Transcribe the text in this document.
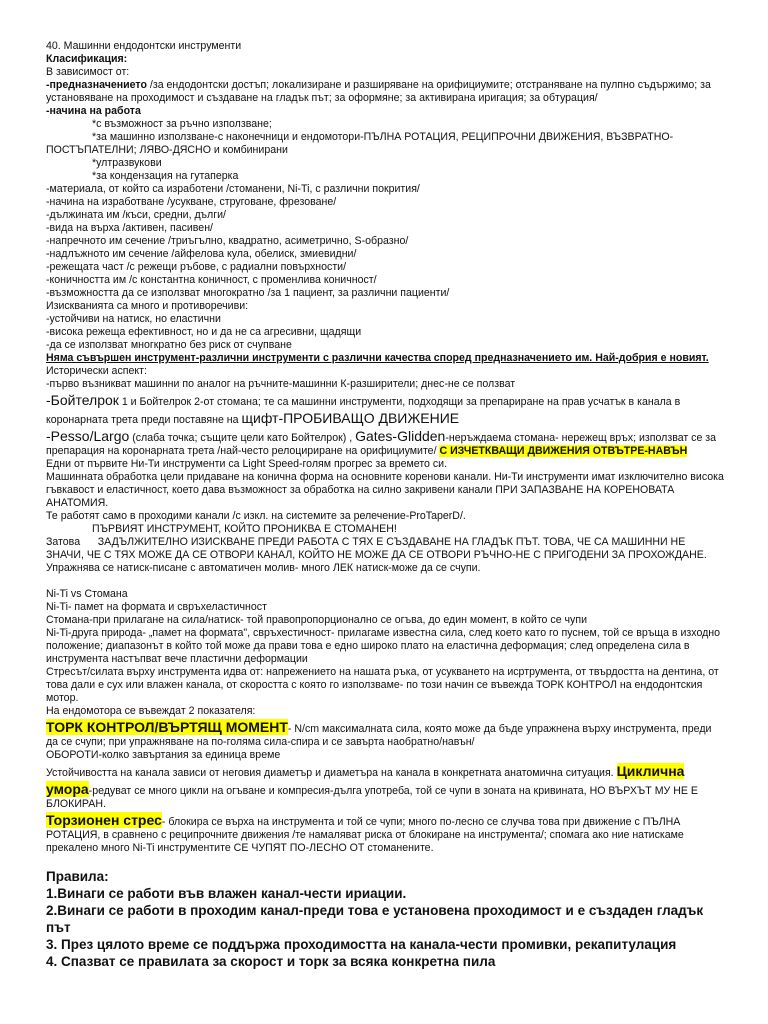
40. Машинни ендодонтски инструменти
Класификация:
В зависимост от:
-предназначението /за ендодонтски достъп; локализиране и разширяване на орифициумите; отстраняване на пулпно съдържимо; за установяване на проходимост и създаване на гладък път; за оформяне; за активирана иригация; за обтурация/
-начина на работа
*с възможност за ръчно използване;
*за машинно използване-с наконечници и ендомотори-ПЪЛНА РОТАЦИЯ, РЕЦИПРОЧНИ ДВИЖЕНИЯ, ВЪЗВРАТНО-ПОСТЪПАТЕЛНИ; ЛЯВО-ДЯСНО и комбинирани
*ултразвукови
*за кондензация на гутаперка
-материала, от който са изработени /стоманени, Ni-Ti, с различни покрития/
-начина на изработване /усукване, струговане, фрезоване/
-дължината им /къси, средни, дълги/
-вида на върха /активен, пасивен/
-напречното им сечение /триъгълно, квадратно, асиметрично, S-образно/
-надлъжното им сечение /айфелова кула, обелиск, змиевидни/
-режещата част /с режещи ръбове, с радиални повърхности/
-коничността им /с константна коничност, с променлива коничност/
-възможността да се използват многократно /за 1 пациент, за различни пациенти/
Изискванията са много и противоречиви:
-устойчиви на натиск, но еластични
-висока режеща ефективност, но и да не са агресивни, щадящи
-да се използват многкратно без риск от счупване
Няма съвършен инструмент-различни инструменти с различни качества според предназначението им. Най-добрия е новият.
Исторически аспект:
-първо възникват машинни по аналог на ръчните-машинни К-разширители; днес-не се ползват
-Бойтелрок 1 и Бойтелрок 2-от стомана; те са машинни инструменти, подходящи за препариране на прав усчатък в канала в коронарната трета преди поставяне на щифт-ПРОБИВАЩО ДВИЖЕНИЕ
-Pesso/Largo (слаба точка; същите цели като Бойтелрок) , Gates-Glidden-неръждаема стомана- нережещ връх; използват се за препарация на коронарната трета /най-често релоцириране на орифициумите/ С ИЗЧЕТКВАЩИ ДВИЖЕНИЯ ОТВЪТРЕ-НАВЪН
Едни от първите Ни-Ти инструменти са Light Speed-голям прогрес за времето си.
Машинната обработка цели придаване на конична форма на основните коренови канали. Ни-Ти инструменти имат изключително висока гъвкавост и еластичност, което дава възможност за обработка на силно закривени канали ПРИ ЗАПАЗВАНЕ НА КОРЕНОВАТА АНАТОМИЯ.
Те работят само в проходими канали /с изкл. на системите за релечение-ProTaperD/.
ПЪРВИЯТ ИНСТРУМЕНТ, КОЙТО ПРОНИКВА Е СТОМАНЕН!
Затова ЗАДЪЛЖИТЕЛНО ИЗИСКВАНЕ ПРЕДИ РАБОТА С ТЯХ Е СЪЗДАВАНЕ НА ГЛАДЪК ПЪТ. ТОВА, ЧЕ СА МАШИННИ НЕ ЗНАЧИ, ЧЕ С ТЯХ МОЖЕ ДА СЕ ОТВОРИ КАНАЛ, КОЙТО НЕ МОЖЕ ДА СЕ ОТВОРИ РЪЧНО-НЕ С ПРИГОДЕНИ ЗА ПРОХОЖДАНЕ.
Упражнява се натиск-писане с автоматичен молив- много ЛЕК натиск-може да се счупи.
Ni-Ti vs Стомана
Ni-Ti- памет на формата и свръхеластичност
Стомана-при прилагане на сила/натиск- той правопропорционално се огъва, до един момент, в който се чупи
Ni-Ti-друга природа- „памет на формата", свръхестичност- прилагаме известна сила, след което като го пуснем, той се връща в изходно положение; диапазонът в който той може да прави това е едно широко плато на еластична деформация; след определена сила в инструмента настъпват вече пластични деформации
Стресът/силата върху инструмента идва от: напрежението на нашата ръка, от усукването на исртрумента, от твърдостта на дентина, от това дали е сух или влажен канала, от скоростта с която го използваме- по този начин се въвежда ТОРК КОНТРОЛ на ендодонтския мотор.
На ендомотора се въвеждат 2 показателя:
ТОРК КОНТРОЛ/ВЪРТЯЩ МОМЕНТ- N/cm максималната сила, която може да бъде упражнена върху инструмента, преди да се счупи; при упражняване на по-голяма сила-спира и се завърта наобратно/навън/
ОБОРОТИ-колко завъртания за единица време
Устойчивостта на канала зависи от неговия диаметър и диаметъра на канала в конкретната анатомична ситуация. Циклична умора-редуват се много цикли на огъване и компресия-дълга употреба, той се чупи в зоната на кривината, НО ВЪРХЪТ МУ НЕ Е БЛОКИРАН.
Торзионен стрес- блокира се върха на инструмента и той се чупи; много по-лесно се случва това при движение с ПЪЛНА РОТАЦИЯ, в сравнено с реципрочните движения /те намаляват риска от блокиране на инструмента/; спомага ако ние натискаме прекалено много Ni-Ti инструментите СЕ ЧУПЯТ ПО-ЛЕСНО ОТ стоманените.
Правила:
1.Винаги се работи във влажен канал-чести ириации.
2.Винаги се работи в проходим канал-преди това е установена проходимост и е създаден гладък път
3. През цялото време се поддържа проходимостта на канала-чести промивки, рекапитулация
4. Спазват се правилата за скорост и торк за всяка конкретна пила
